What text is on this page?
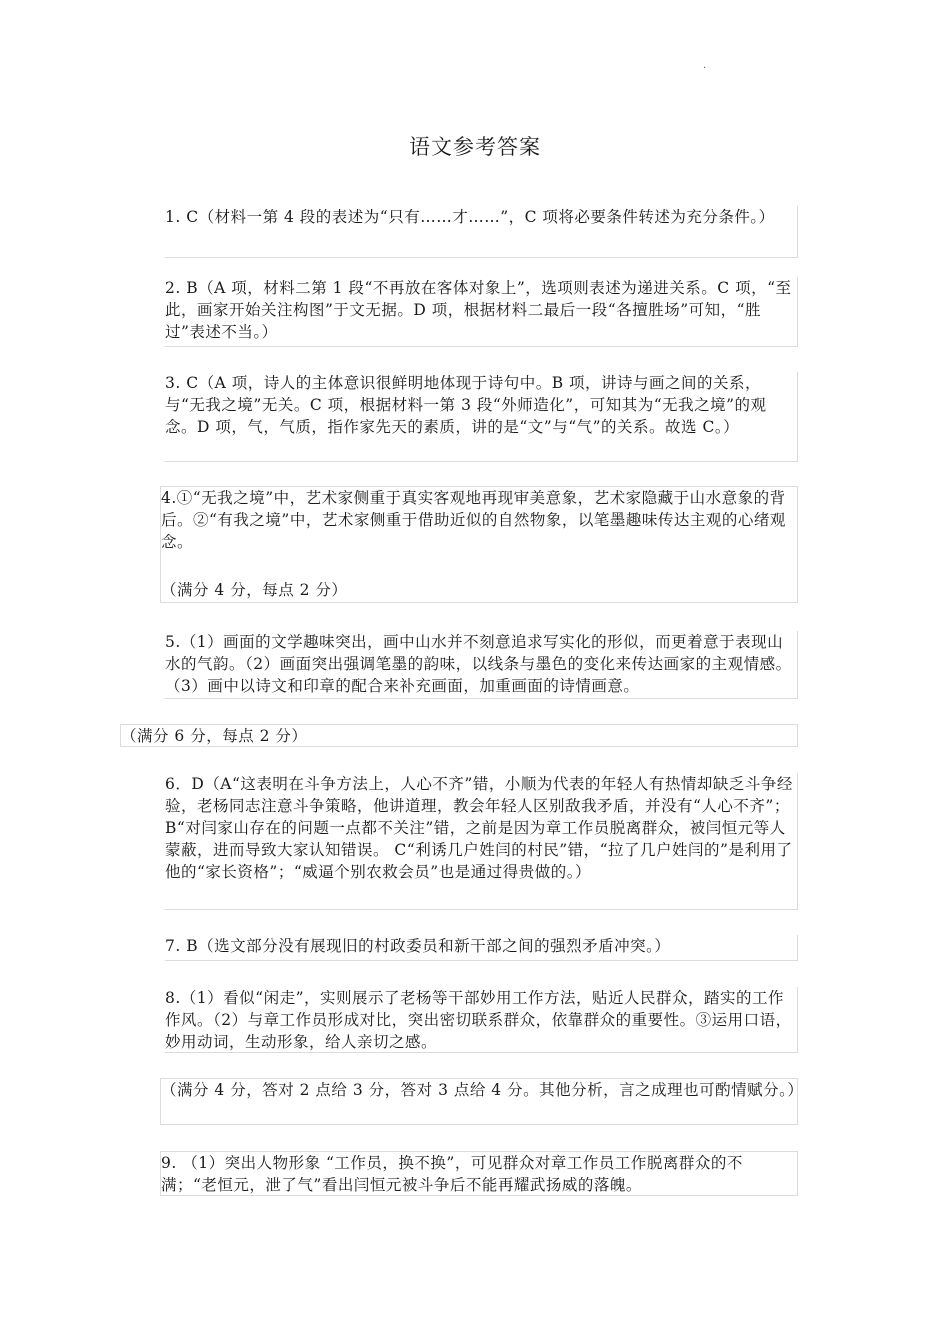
.
语文参考答案

1. C（材料一第 4 段的表述为“只有……才……”，C 项将必要条件转述为充分条件。）

2. B（A 项，材料二第 1 段“不再放在客体对象上”，选项则表述为递进关系。C 项，“至此，画家开始关注构图”于文无据。D 项，根据材料二最后一段“各擅胜场”可知，“胜过”表述不当。）

3. C（A 项，诗人的主体意识很鲜明地体现于诗句中。B 项，讲诗与画之间的关系，与“无我之境”无关。C 项，根据材料一第 3 段“外师造化”，可知其为“无我之境”的观念。D 项，气，气质，指作家先天的素质，讲的是“文”与“气”的关系。故选 C。）

4.①“无我之境”中，艺术家侧重于真实客观地再现审美意象，艺术家隐藏于山水意象的背后。②“有我之境”中，艺术家侧重于借助近似的自然物象，以笔墨趣味传达主观的心绪观念。

（满分 4 分，每点 2 分）

5.（1）画面的文学趣味突出，画中山水并不刻意追求写实化的形似，而更着意于表现山水的气韵。（2）画面突出强调笔墨的韵味，以线条与墨色的变化来传达画家的主观情感。（3）画中以诗文和印章的配合来补充画面，加重画面的诗情画意。

（满分 6 分，每点 2 分）

6．D（A“这表明在斗争方法上，人心不齐”错，小顺为代表的年轻人有热情却缺乏斗争经验，老杨同志注意斗争策略，他讲道理，教会年轻人区别敌我矛盾，并没有“人心不齐”；B“对闫家山存在的问题一点都不关注”错，之前是因为章工作员脱离群众，被闫恒元等人蒙蔽，进而导致大家认知错误。 C“利诱几户姓闫的村民”错，“拉了几户姓闫的”是利用了他的“家长资格”；“威逼个别农救会员”也是通过得贵做的。）

7. B（选文部分没有展现旧的村政委员和新干部之间的强烈矛盾冲突。）

8.（1）看似“闲走”，实则展示了老杨等干部妙用工作方法，贴近人民群众，踏实的工作作风。（2）与章工作员形成对比，突出密切联系群众，依靠群众的重要性。③运用口语，妙用动词，生动形象，给人亲切之感。

（满分 4 分，答对 2 点给 3 分，答对 3 点给 4 分。其他分析，言之成理也可酌情赋分。）

9. （1）突出人物形象 “工作员，换不换”，可见群众对章工作员工作脱离群众的不满；“老恒元，泄了气”看出闫恒元被斗争后不能再耀武扬威的落魄。
